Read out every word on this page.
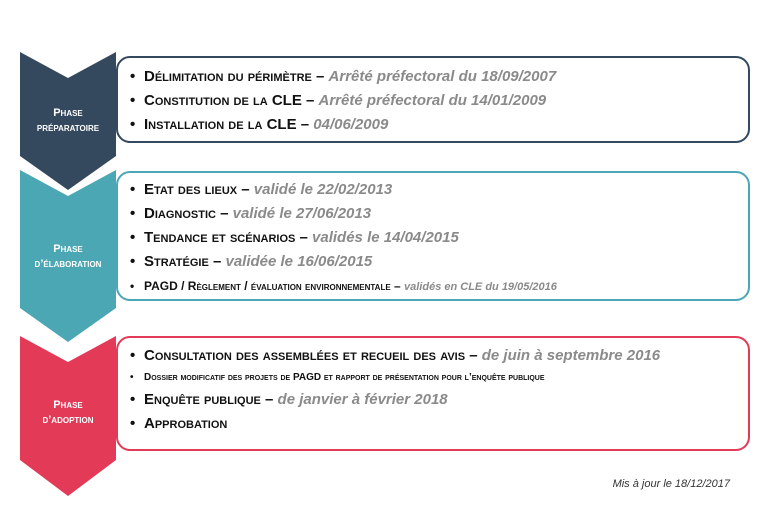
• Délimitation du périmètre – Arrêté préfectoral du 18/09/2007
• Constitution de la CLE – Arrêté préfectoral du 14/01/2009
• Installation de la CLE – 04/06/2009
Phase
préparatoire
• Etat des lieux – validé le 22/02/2013
• Diagnostic – validé le 27/06/2013
• Tendance et scénarios – validés le 14/04/2015
• Stratégie – validée le 16/06/2015
• PAGD / Règlement / évaluation environnementale – validés en CLE du 19/05/2016
Phase
d’élaboration
• Consultation des assemblées et recueil des avis – de juin à septembre 2016
• Dossier modificatif des projets de PAGD et rapport de présentation pour l’enquête publique
• Enquête publique – de janvier à février 2018
• Approbation
Phase
d’adoption
Mis à jour le 18/12/2017
